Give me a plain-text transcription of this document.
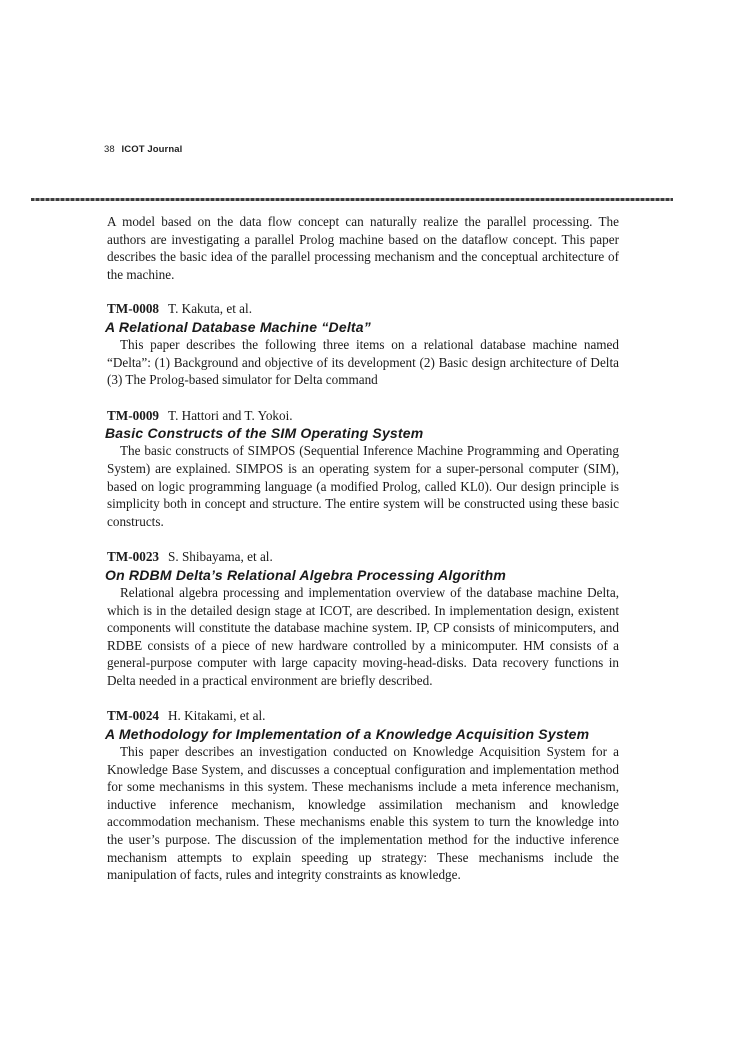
38 ICOT Journal

A model based on the data flow concept can naturally realize the parallel processing. The authors are investigating a parallel Prolog machine based on the dataflow concept. This paper describes the basic idea of the parallel processing mechanism and the conceptual architecture of the machine.

TM-0008 T. Kakuta, et al.

A Relational Database Machine “Delta”

This paper describes the following three items on a relational database machine named “Delta”: (1) Background and objective of its development (2) Basic design architecture of Delta (3) The Prolog-based simulator for Delta command

TM-0009 T. Hattori and T. Yokoi.

Basic Constructs of the SIM Operating System

The basic constructs of SIMPOS (Sequential Inference Machine Programming and Operating System) are explained. SIMPOS is an operating system for a super-personal computer (SIM), based on logic programming language (a modified Prolog, called KL0). Our design principle is simplicity both in concept and structure. The entire system will be constructed using these basic constructs.

TM-0023 S. Shibayama, et al.

On RDBM Delta’s Relational Algebra Processing Algorithm

Relational algebra processing and implementation overview of the database machine Delta, which is in the detailed design stage at ICOT, are described. In implementation design, existent components will constitute the database machine system. IP, CP consists of minicomputers, and RDBE consists of a piece of new hardware controlled by a minicomputer. HM consists of a general-purpose computer with large capacity moving-head-disks. Data recovery functions in Delta needed in a practical environment are briefly described.

TM-0024 H. Kitakami, et al.

A Methodology for Implementation of a Knowledge Acquisition System

This paper describes an investigation conducted on Knowledge Acquisition System for a Knowledge Base System, and discusses a conceptual configuration and implementation method for some mechanisms in this system. These mechanisms include a meta inference mechanism, inductive inference mechanism, knowledge assimilation mechanism and knowledge accommodation mechanism. These mechanisms enable this system to turn the knowledge into the user’s purpose. The discussion of the implementation method for the inductive inference mechanism attempts to explain speeding up strategy: These mechanisms include the manipulation of facts, rules and integrity constraints as knowledge.
